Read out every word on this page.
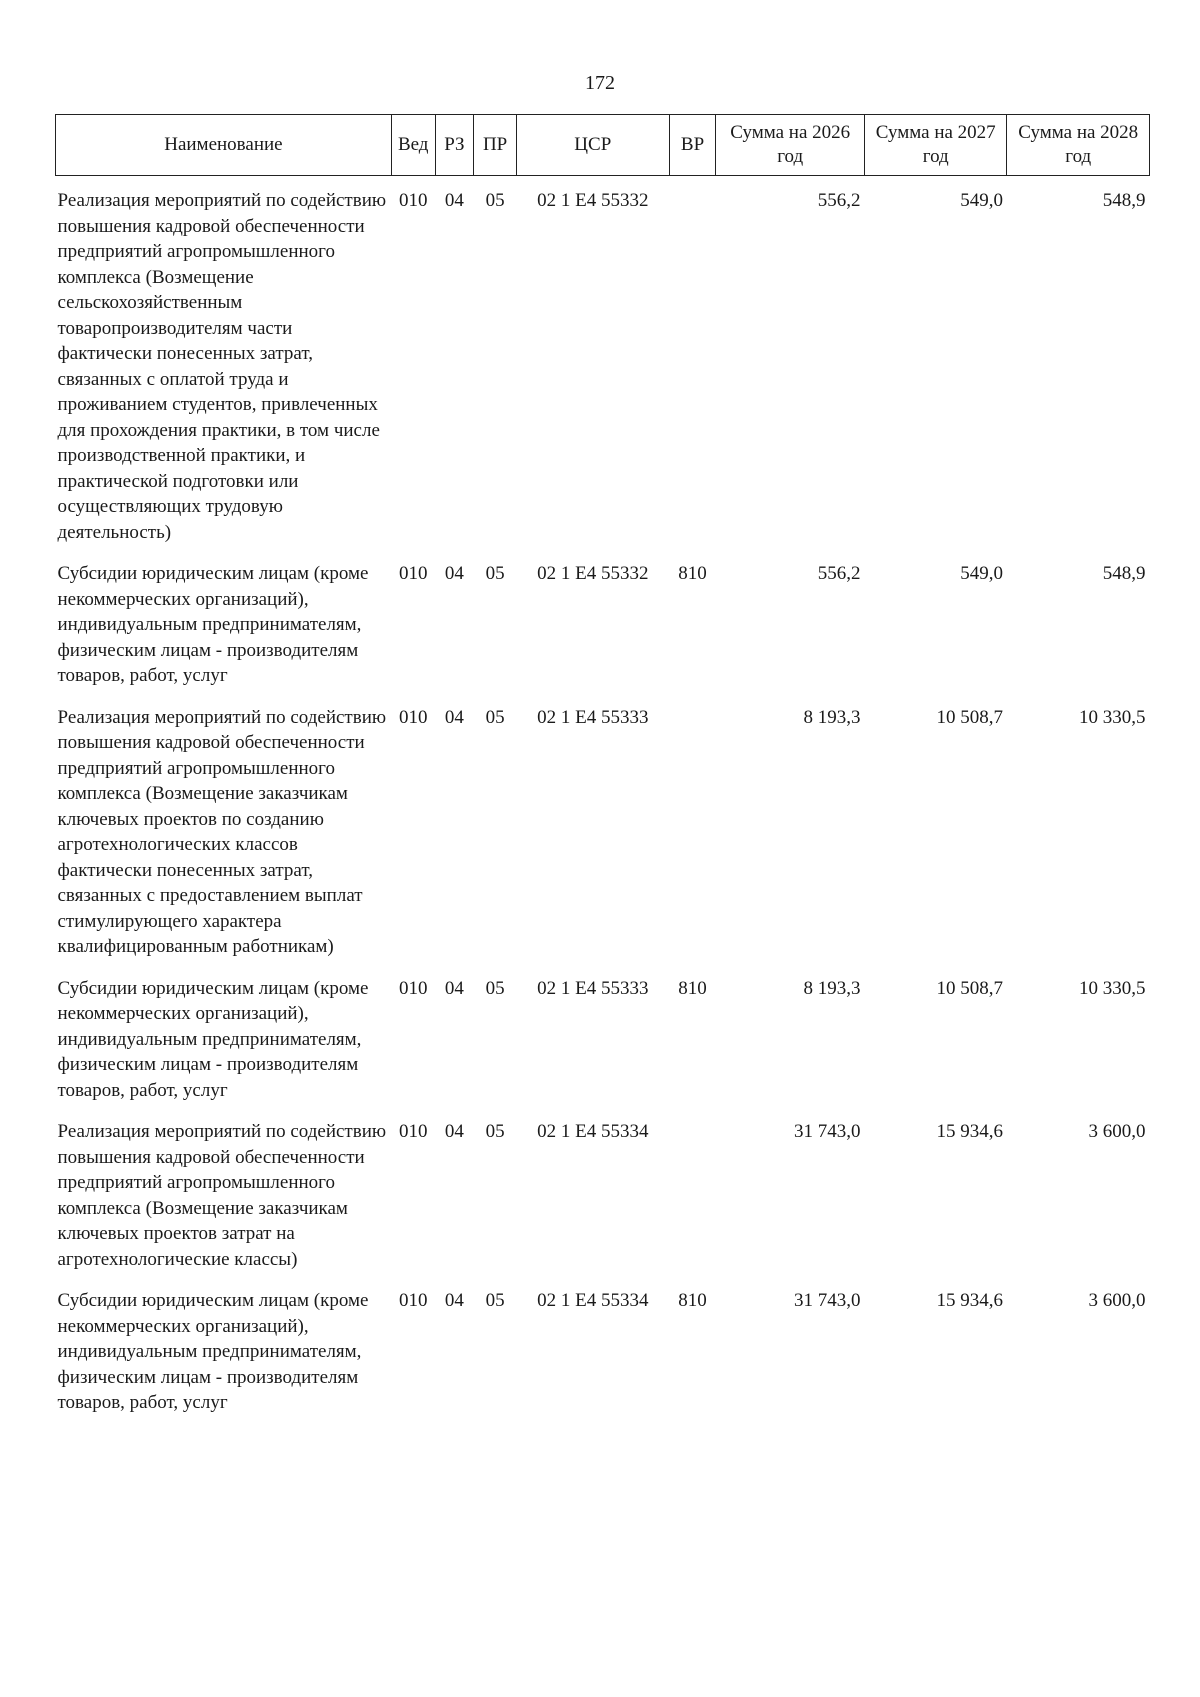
172
Наименование	Вед	РЗ	ПР	ЦСР	ВР	Сумма на 2026 год	Сумма на 2027 год	Сумма на 2028 год
Реализация мероприятий по содействию повышения кадровой обеспеченности предприятий агропромышленного комплекса (Возмещение сельскохозяйственным товаропроизводителям части фактически понесенных затрат, связанных с оплатой труда и проживанием студентов, привлеченных для прохождения практики, в том числе производственной практики, и практической подготовки или осуществляющих трудовую деятельность)	010	04	05	02 1 E4 55332		556,2	549,0	548,9
Субсидии юридическим лицам (кроме некоммерческих организаций), индивидуальным предпринимателям, физическим лицам - производителям товаров, работ, услуг	010	04	05	02 1 E4 55332	810	556,2	549,0	548,9
Реализация мероприятий по содействию повышения кадровой обеспеченности предприятий агропромышленного комплекса (Возмещение заказчикам ключевых проектов по созданию агротехнологических классов фактически понесенных затрат, связанных с предоставлением выплат стимулирующего характера квалифицированным работникам)	010	04	05	02 1 E4 55333		8 193,3	10 508,7	10 330,5
Субсидии юридическим лицам (кроме некоммерческих организаций), индивидуальным предпринимателям, физическим лицам - производителям товаров, работ, услуг	010	04	05	02 1 E4 55333	810	8 193,3	10 508,7	10 330,5
Реализация мероприятий по содействию повышения кадровой обеспеченности предприятий агропромышленного комплекса (Возмещение заказчикам ключевых проектов затрат на агротехнологические классы)	010	04	05	02 1 E4 55334		31 743,0	15 934,6	3 600,0
Субсидии юридическим лицам (кроме некоммерческих организаций), индивидуальным предпринимателям, физическим лицам - производителям товаров, работ, услуг	010	04	05	02 1 E4 55334	810	31 743,0	15 934,6	3 600,0
